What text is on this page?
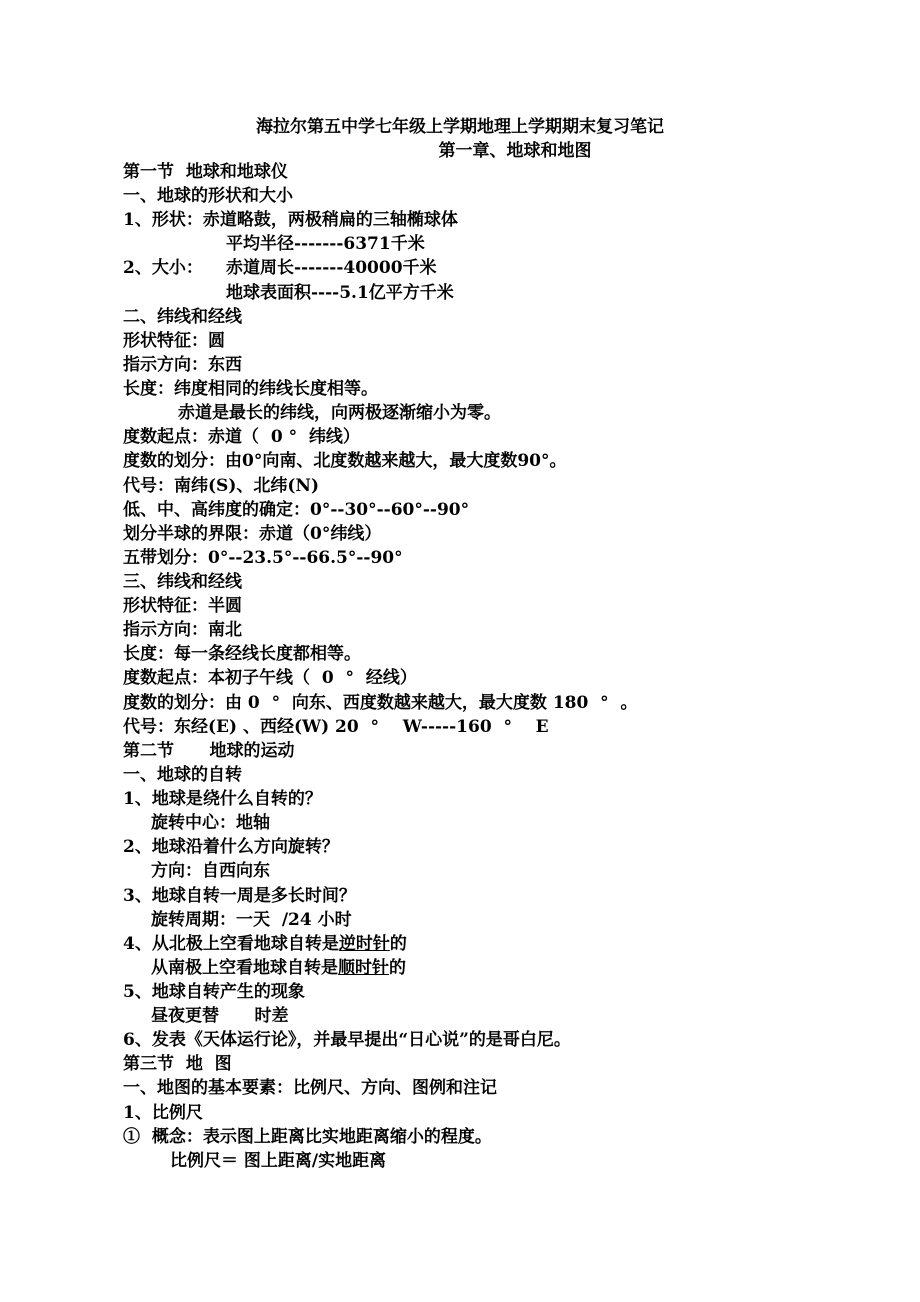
海拉尔第五中学七年级上学期地理上学期期末复习笔记
第一章、地球和地图
第一节  地球和地球仪
一、地球的形状和大小
1、形状：赤道略鼓，两极稍扁的三轴椭球体
平均半径-------6371千米
2、大小： 赤道周长-------40000千米
地球表面积----5.1亿平方千米
二、纬线和经线
形状特征：圆
指示方向：东西
长度：纬度相同的纬线长度相等。
赤道是最长的纬线，向两极逐渐缩小为零。
度数起点：赤道（  0 °  纬线）
度数的划分：由0°向南、北度数越来越大，最大度数90°。
代号：南纬(S)、北纬(N)
低、中、高纬度的确定：0°--30°--60°--90°
划分半球的界限：赤道（0°纬线）
五带划分：0°--23.5°--66.5°--90°
三、纬线和经线
形状特征：半圆
指示方向：南北
长度：每一条经线长度都相等。
度数起点：本初子午线（  0  °  经线）
度数的划分：由 0  °  向东、西度数越来越大，最大度数 180  °  。
代号：东经(E) 、西经(W) 20  °    W-----160  °    E
第二节      地球的运动
一、地球的自转
1、地球是绕什么自转的？
旋转中心：地轴
2、地球沿着什么方向旋转？
方向：自西向东
3、地球自转一周是多长时间？
旋转周期：一天  /24 小时
4、从北极上空看地球自转是逆时针的
从南极上空看地球自转是顺时针的
5、地球自转产生的现象
昼夜更替      时差
6、发表《天体运行论》，并最早提出“日心说”的是哥白尼。
第三节  地  图
一、地图的基本要素：比例尺、方向、图例和注记
1、比例尺
①  概念：表示图上距离比实地距离缩小的程度。
比例尺＝ 图上距离/实地距离
